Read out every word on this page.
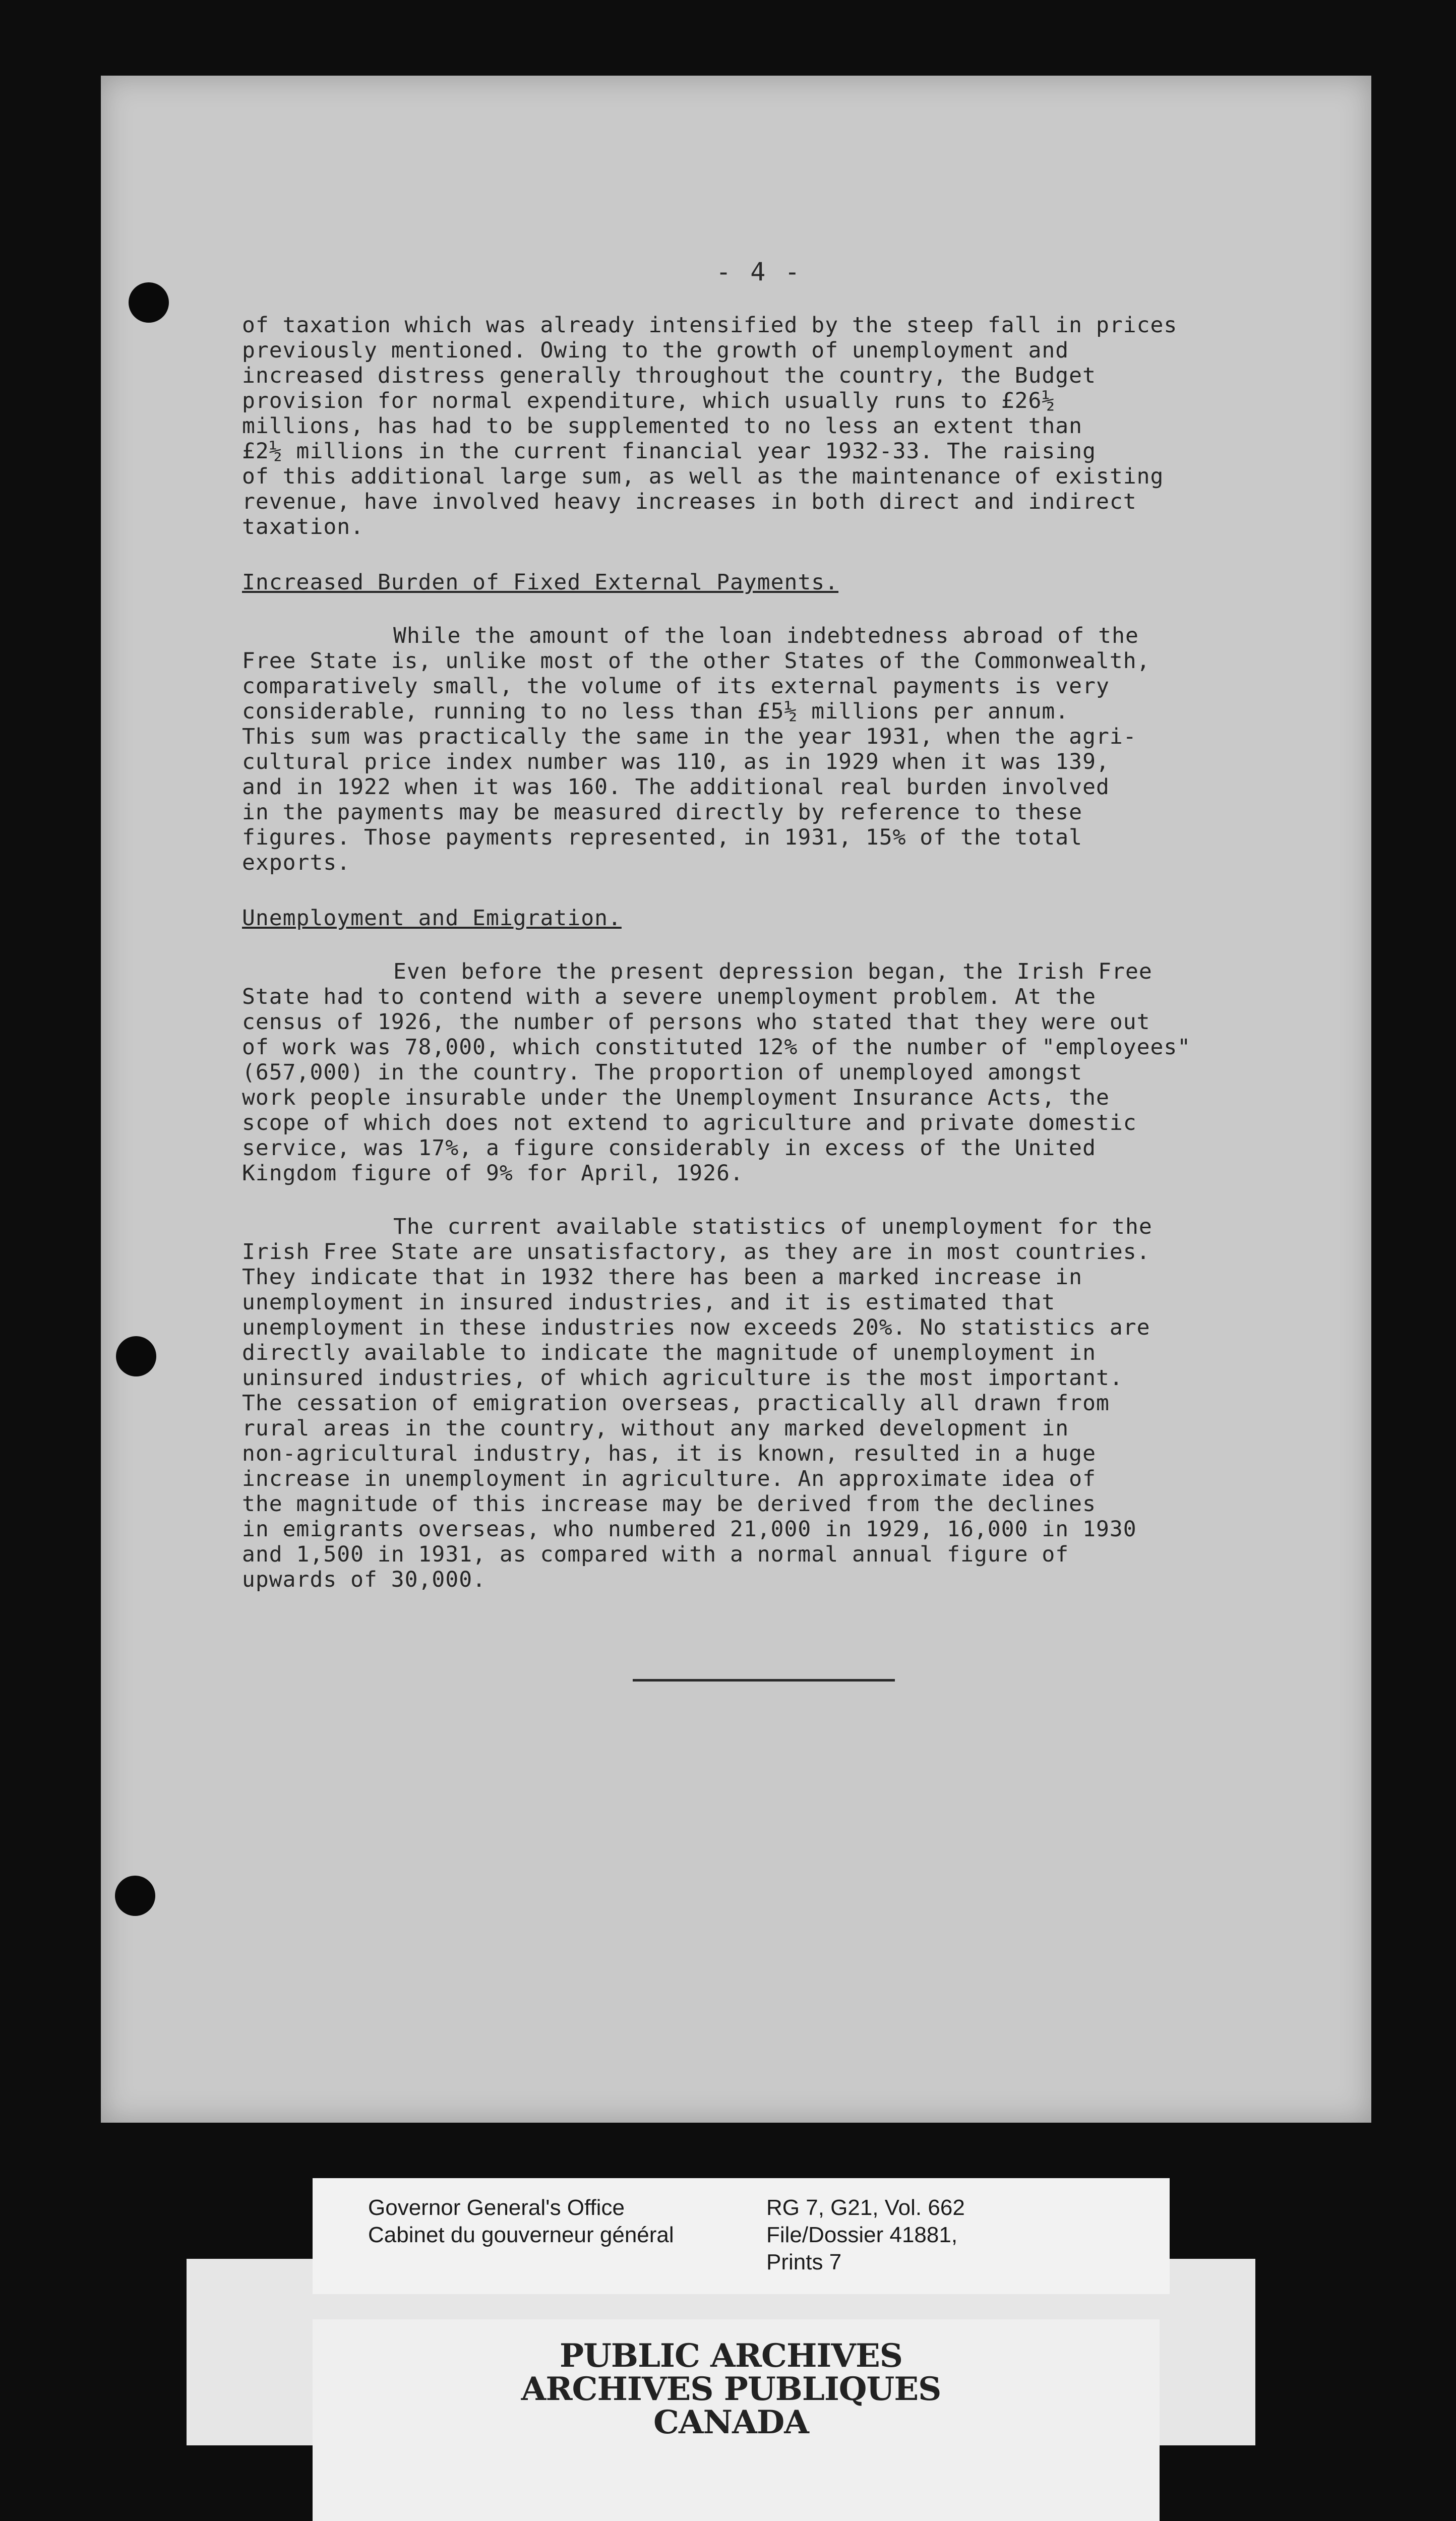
- 4 -
of taxation which was already intensified by the steep fall in prices
previously mentioned. Owing to the growth of unemployment and
increased distress generally throughout the country, the Budget
provision for normal expenditure, which usually runs to £26½
millions, has had to be supplemented to no less an extent than
£2½ millions in the current financial year 1932-33. The raising
of this additional large sum, as well as the maintenance of existing
revenue, have involved heavy increases in both direct and indirect
taxation.
Increased Burden of Fixed External Payments.
While the amount of the loan indebtedness abroad of the
Free State is, unlike most of the other States of the Commonwealth,
comparatively small, the volume of its external payments is very
considerable, running to no less than £5½ millions per annum.
This sum was practically the same in the year 1931, when the agri-
cultural price index number was 110, as in 1929 when it was 139,
and in 1922 when it was 160. The additional real burden involved
in the payments may be measured directly by reference to these
figures. Those payments represented, in 1931, 15% of the total
exports.
Unemployment and Emigration.
Even before the present depression began, the Irish Free
State had to contend with a severe unemployment problem. At the
census of 1926, the number of persons who stated that they were out
of work was 78,000, which constituted 12% of the number of "employees"
(657,000) in the country. The proportion of unemployed amongst
work people insurable under the Unemployment Insurance Acts, the
scope of which does not extend to agriculture and private domestic
service, was 17%, a figure considerably in excess of the United
Kingdom figure of 9% for April, 1926.
The current available statistics of unemployment for the
Irish Free State are unsatisfactory, as they are in most countries.
They indicate that in 1932 there has been a marked increase in
unemployment in insured industries, and it is estimated that
unemployment in these industries now exceeds 20%. No statistics are
directly available to indicate the magnitude of unemployment in
uninsured industries, of which agriculture is the most important.
The cessation of emigration overseas, practically all drawn from
rural areas in the country, without any marked development in
non-agricultural industry, has, it is known, resulted in a huge
increase in unemployment in agriculture. An approximate idea of
the magnitude of this increase may be derived from the declines
in emigrants overseas, who numbered 21,000 in 1929, 16,000 in 1930
and 1,500 in 1931, as compared with a normal annual figure of
upwards of 30,000.
Governor General's Office
Cabinet du gouverneur général
RG 7, G21, Vol. 662
File/Dossier 41881,
Prints 7
PUBLIC ARCHIVES
ARCHIVES PUBLIQUES
CANADA
